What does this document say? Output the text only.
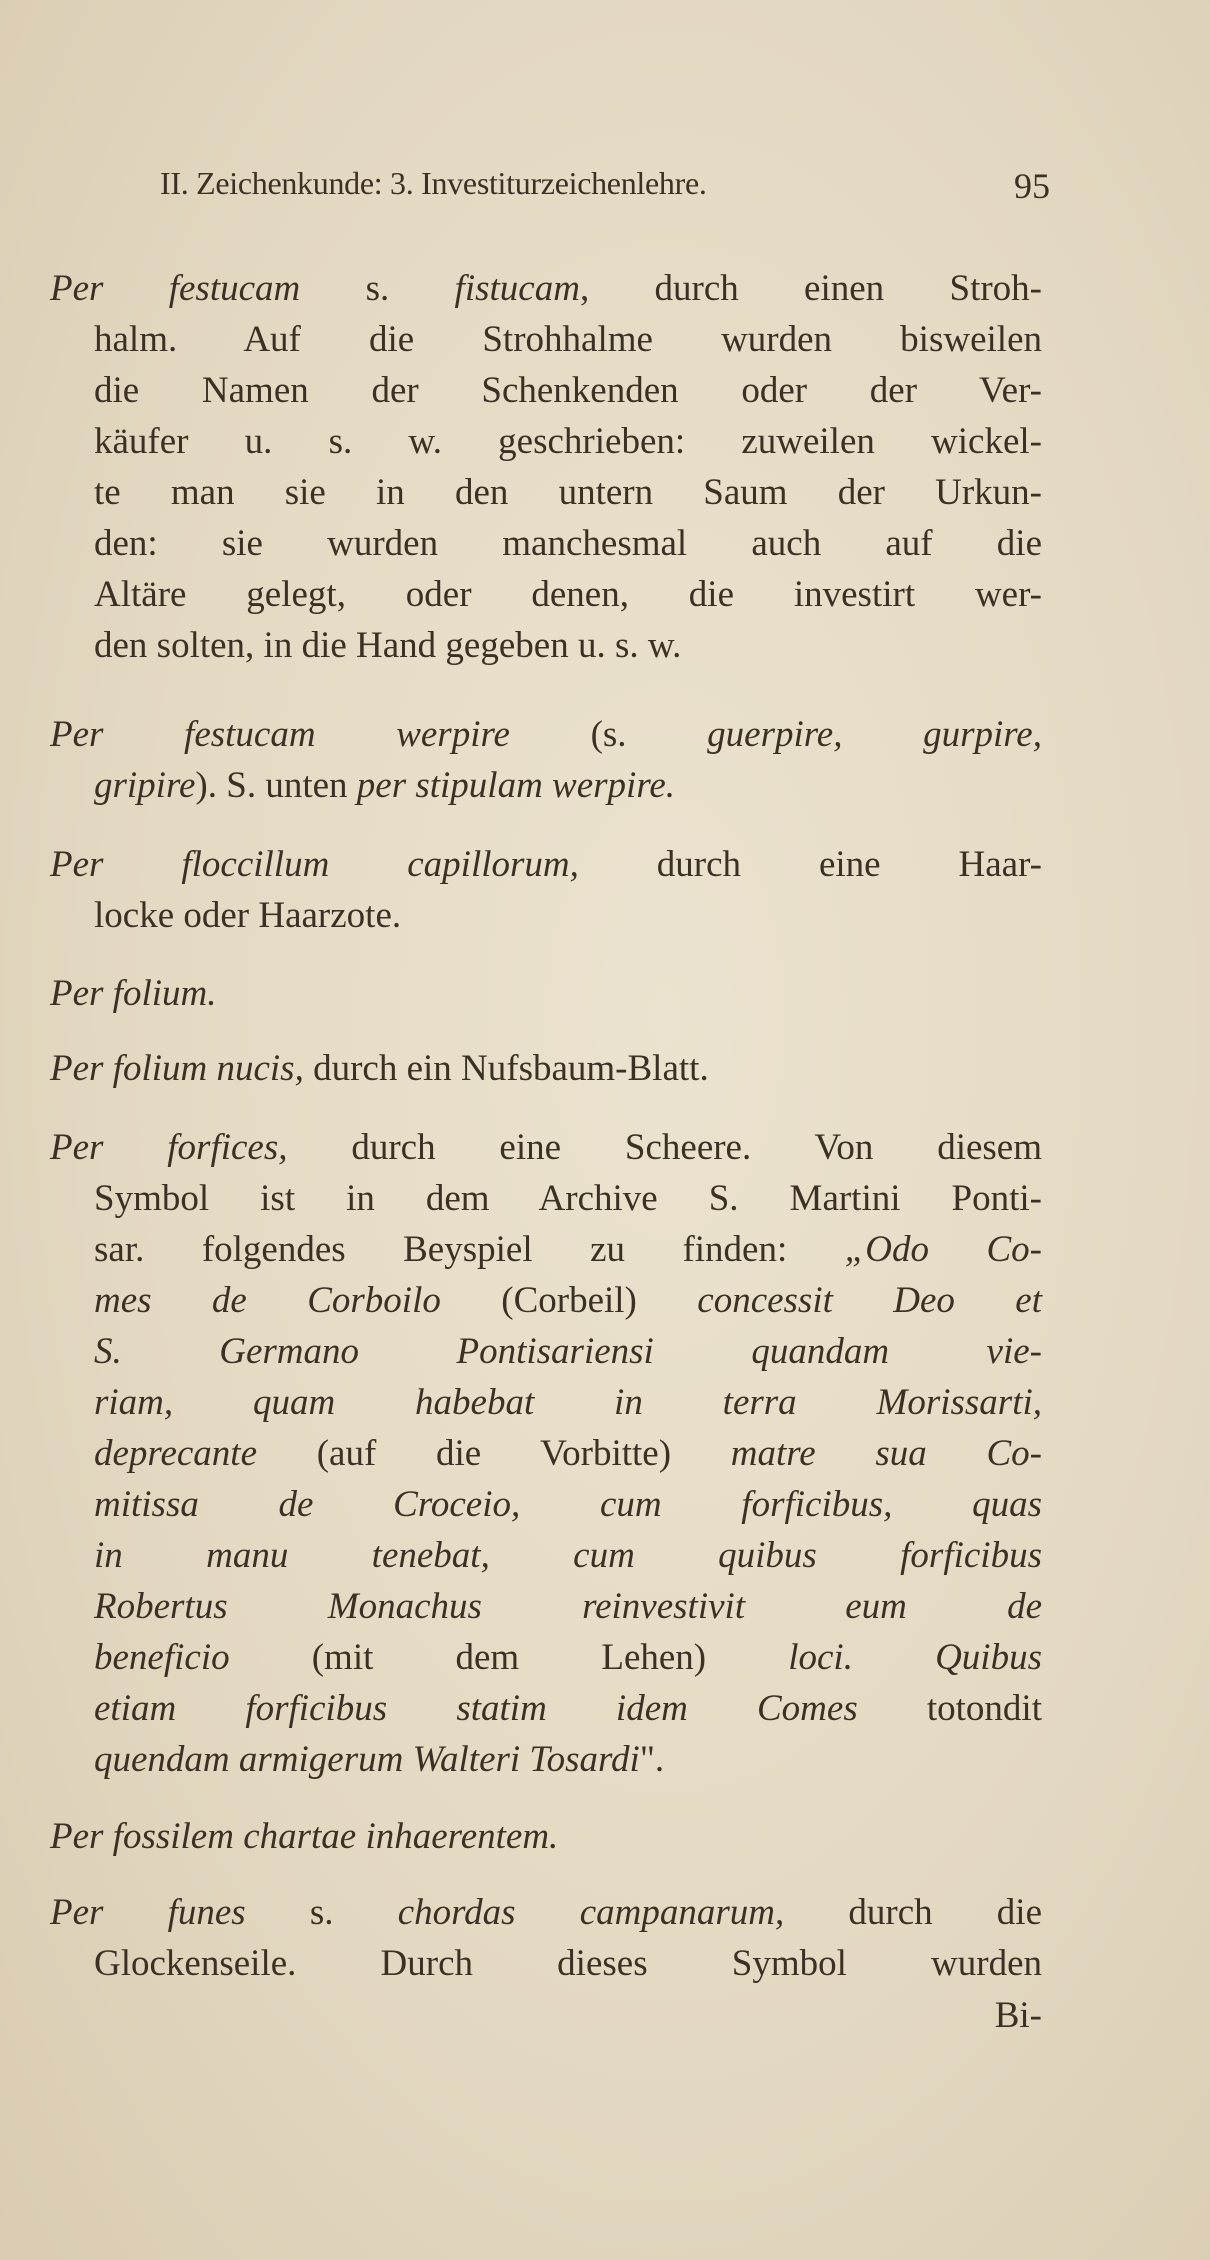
II. Zeichenkunde: 3. Investiturzeichenlehre.	95
Per festucam s. fistucam, durch einen Stroh-
halm. Auf die Strohhalme wurden bisweilen
die Namen der Schenkenden oder der Ver-
käufer u. s. w. geschrieben: zuweilen wickel-
te man sie in den untern Saum der Urkun-
den: sie wurden manchesmal auch auf die
Altäre gelegt, oder denen, die investirt wer-
den solten, in die Hand gegeben u. s. w.
Per festucam werpire (s. guerpire, gurpire,
gripire). S. unten per stipulam werpire.
Per floccillum capillorum, durch eine Haar-
locke oder Haarzote.
Per folium.
Per folium nucis, durch ein Nufsbaum-Blatt.
Per forfices, durch eine Scheere. Von diesem
Symbol ist in dem Archive S. Martini Ponti-
sar. folgendes Beyspiel zu finden: „Odo Co-
mes de Corboilo (Corbeil) concessit Deo et
S. Germano Pontisariensi quandam vie-
riam, quam habebat in terra Morissarti,
deprecante (auf die Vorbitte) matre sua Co-
mitissa de Croceio, cum forficibus, quas
in manu tenebat, cum quibus forficibus
Robertus Monachus reinvestivit eum de
beneficio (mit dem Lehen) loci. Quibus
etiam forficibus statim idem Comes totondit
quendam armigerum Walteri Tosardi".
Per fossilem chartae inhaerentem.
Per funes s. chordas campanarum, durch die
Glockenseile. Durch dieses Symbol wurden
Bi-
